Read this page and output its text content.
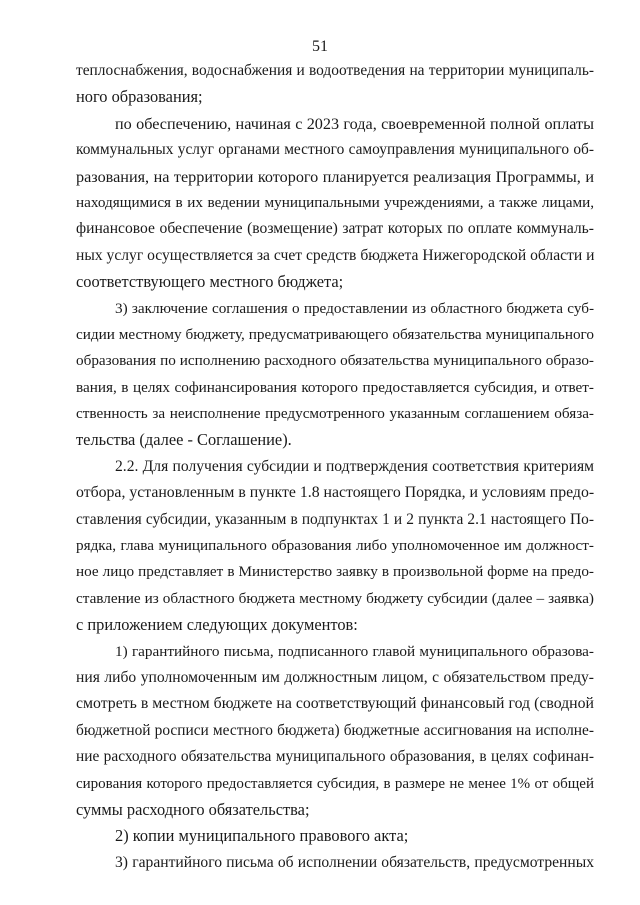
51
теплоснабжения, водоснабжения и водоотведения на территории муниципаль-
ного образования;
по обеспечению, начиная с 2023 года, своевременной полной оплаты
коммунальных услуг органами местного самоуправления муниципального об-
разования, на территории которого планируется реализация Программы, и
находящимися в их ведении муниципальными учреждениями, а также лицами,
финансовое обеспечение (возмещение) затрат которых по оплате коммуналь-
ных услуг осуществляется за счет средств бюджета Нижегородской области и
соответствующего местного бюджета;
3) заключение соглашения о предоставлении из областного бюджета суб-
сидии местному бюджету, предусматривающего обязательства муниципального
образования по исполнению расходного обязательства муниципального образо-
вания, в целях софинансирования которого предоставляется субсидия, и ответ-
ственность за неисполнение предусмотренного указанным соглашением обяза-
тельства (далее - Соглашение).
2.2. Для получения субсидии и подтверждения соответствия критериям
отбора, установленным в пункте 1.8 настоящего Порядка, и условиям предо-
ставления субсидии, указанным в подпунктах 1 и 2 пункта 2.1 настоящего По-
рядка, глава муниципального образования либо уполномоченное им должност-
ное лицо представляет в Министерство заявку в произвольной форме на предо-
ставление из областного бюджета местному бюджету субсидии (далее – заявка)
с приложением следующих документов:
1) гарантийного письма, подписанного главой муниципального образова-
ния либо уполномоченным им должностным лицом, с обязательством преду-
смотреть в местном бюджете на соответствующий финансовый год (сводной
бюджетной росписи местного бюджета) бюджетные ассигнования на исполне-
ние расходного обязательства муниципального образования, в целях софинан-
сирования которого предоставляется субсидия, в размере не менее 1% от общей
суммы расходного обязательства;
2) копии муниципального правового акта;
3) гарантийного письма об исполнении обязательств, предусмотренных
